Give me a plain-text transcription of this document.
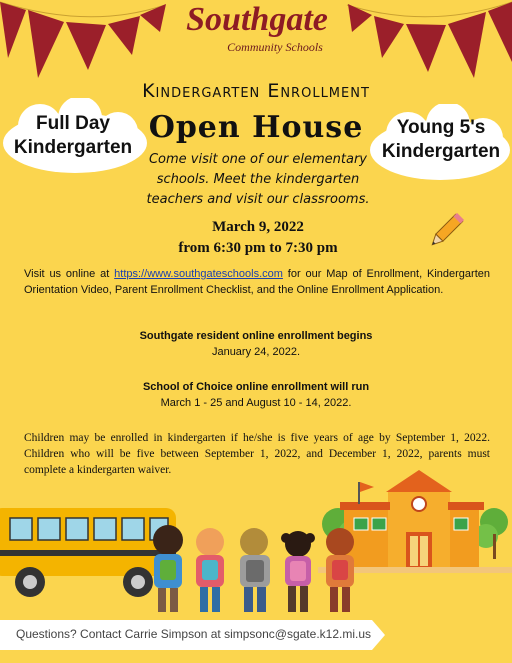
Southgate
Community Schools
Full Day
Kindergarten
Young 5's
Kindergarten
Kindergarten Enrollment
Open House
Come visit one of our elementary
schools. Meet the kindergarten
teachers and visit our classrooms.
March 9, 2022
from 6:30 pm to 7:30 pm
Visit us online at https://www.southgateschools.com for our Map of Enrollment, Kindergarten Orientation Video, Parent Enrollment Checklist, and the Online Enrollment Application.
Southgate resident online enrollment begins
January 24, 2022.
School of Choice online enrollment will run
March 1 - 25 and August 10 - 14, 2022.
Children may be enrolled in kindergarten if he/she is five years of age by September 1, 2022. Children who will be five between September 1, 2022, and December 1, 2022, parents must complete a kindergarten waiver.
Questions? Contact Carrie Simpson at simpsonc@sgate.k12.mi.us
